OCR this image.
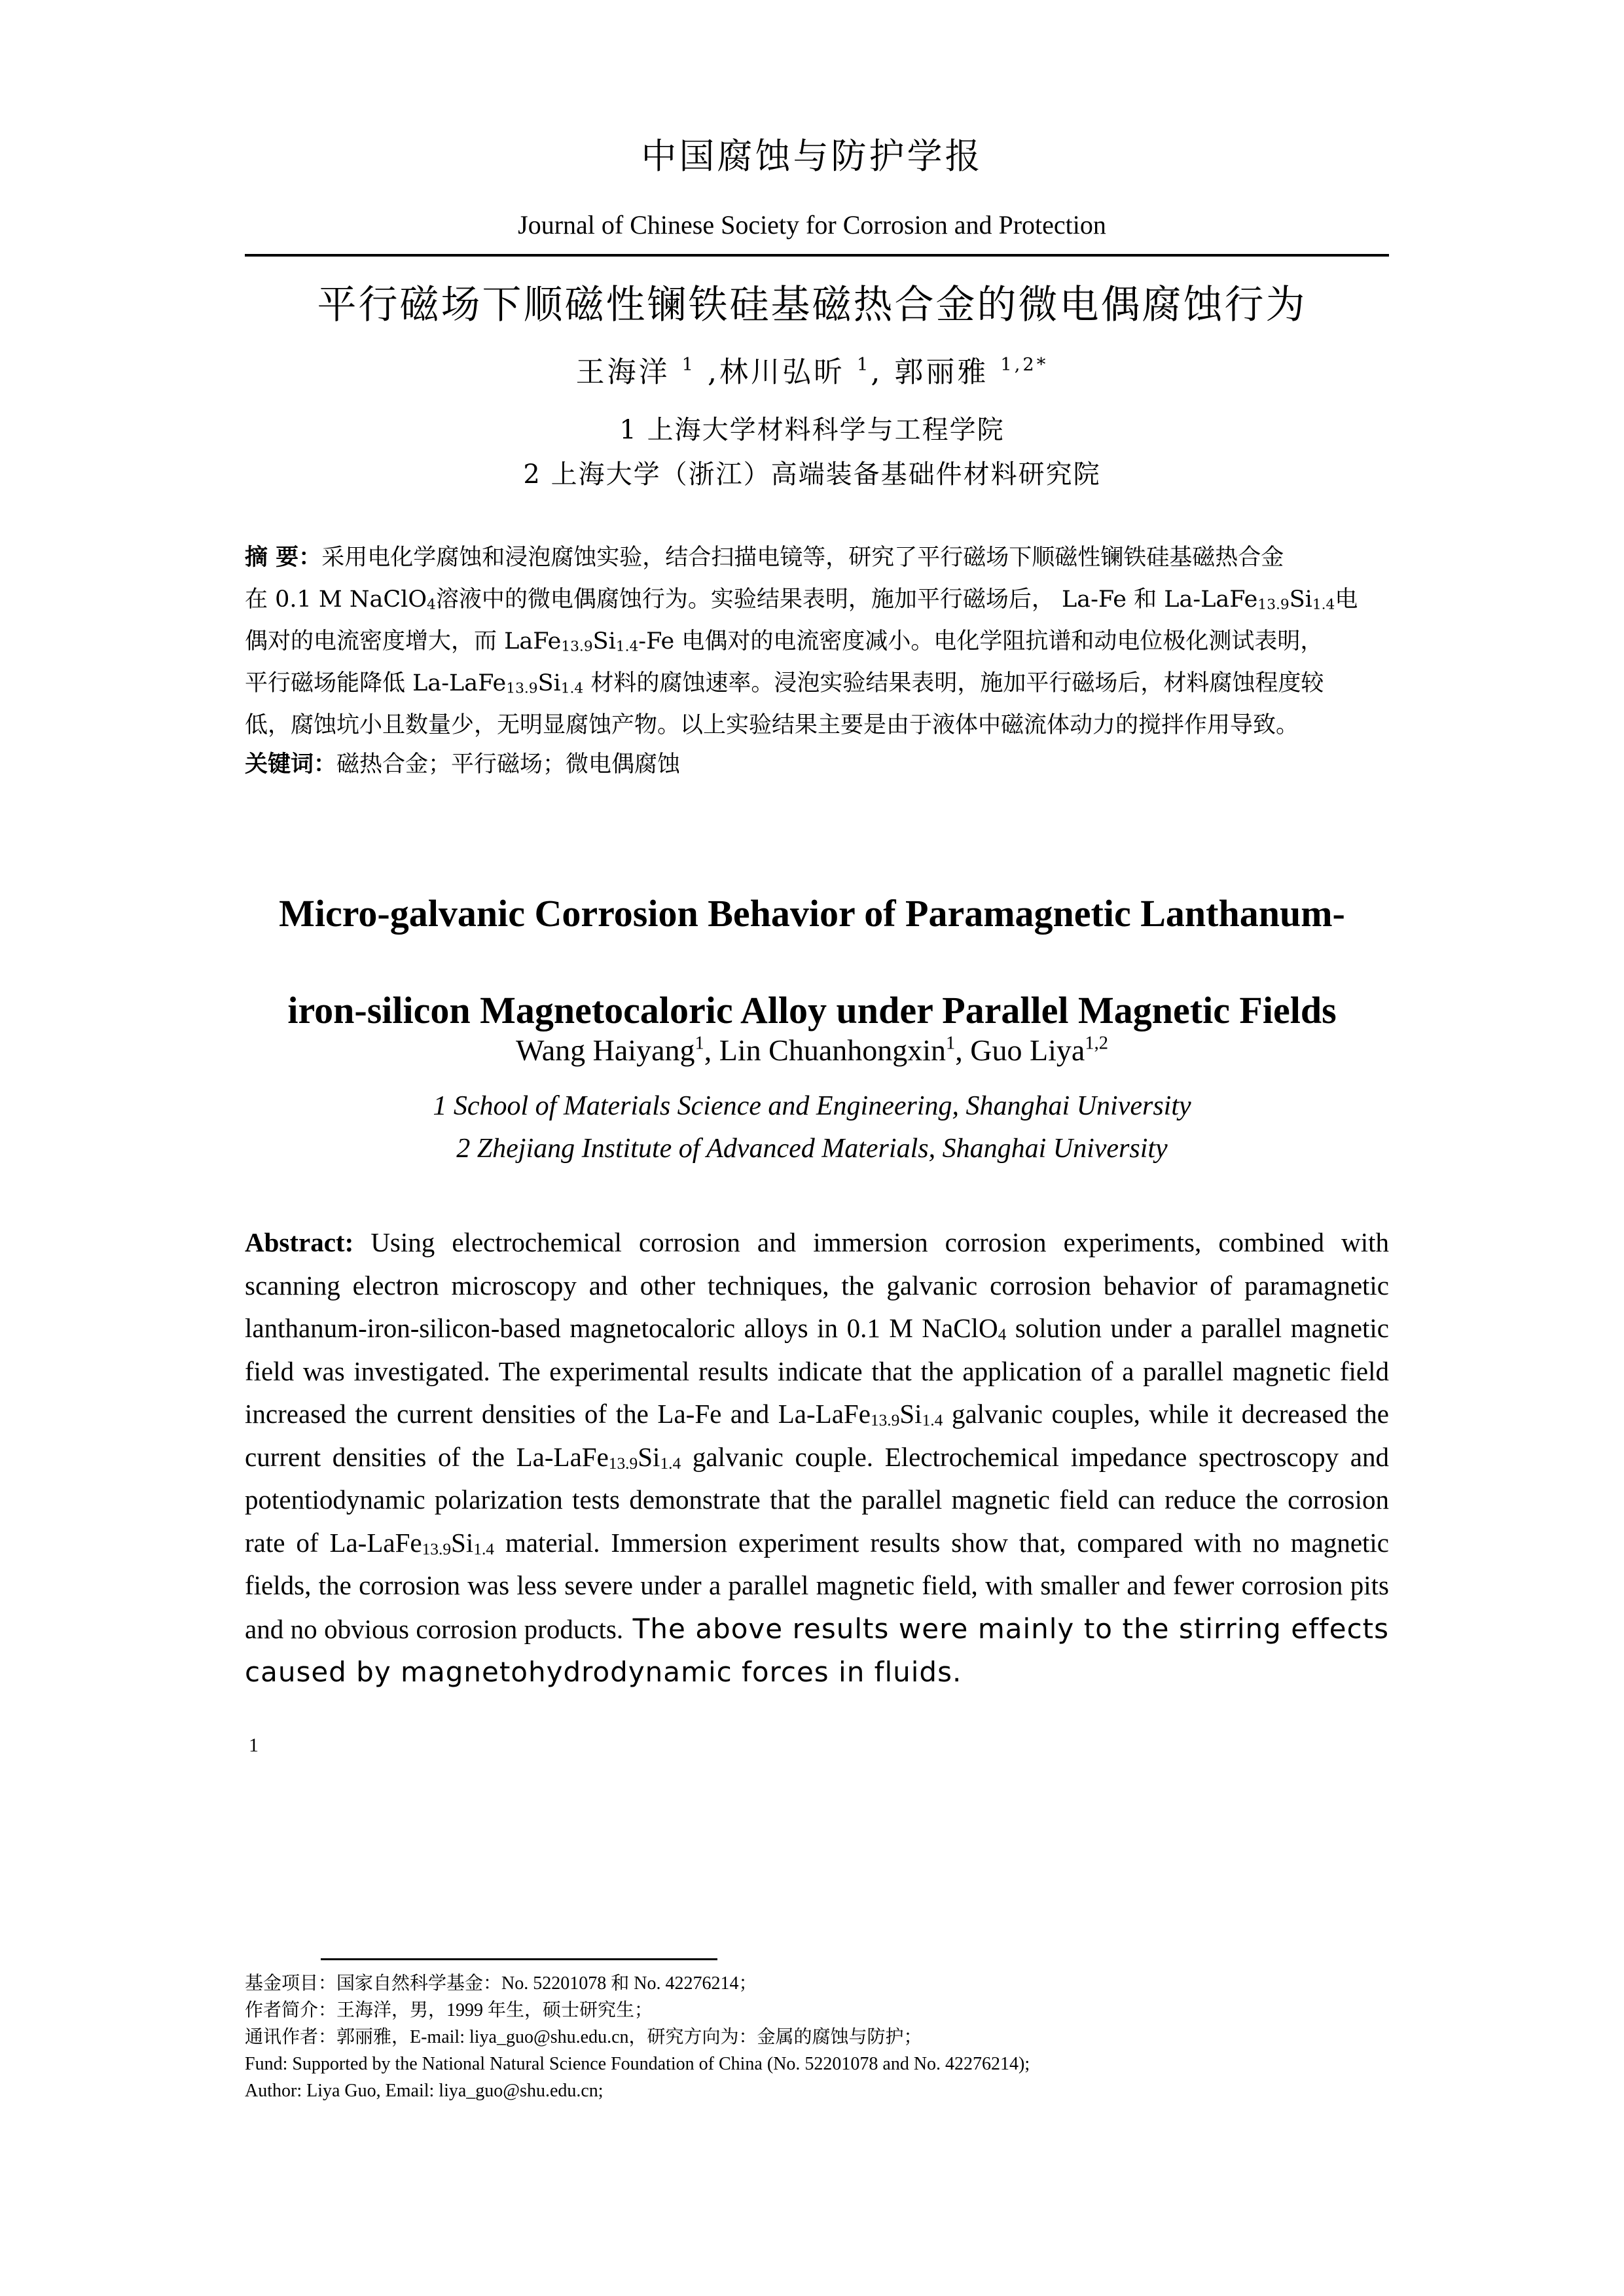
中国腐蚀与防护学报
Journal of Chinese Society for Corrosion and Protection
平行磁场下顺磁性镧铁硅基磁热合金的微电偶腐蚀行为
王海洋 $^1$ ,林川弘昕 $^1$, 郭丽雅 $^{1,2*}$
1 上海大学材料科学与工程学院
2 上海大学（浙江）高端装备基础件材料研究院

摘 要：采用电化学腐蚀和浸泡腐蚀实验，结合扫描电镜等，研究了平行磁场下顺磁性镧铁硅基磁热合金

在 0.1 M NaClO4溶液中的微电偶腐蚀行为。实验结果表明，施加平行磁场后， La-Fe 和 La-LaFe13.9Si1.4电

偶对的电流密度增大，而 LaFe13.9Si1.4-Fe 电偶对的电流密度减小。电化学阻抗谱和动电位极化测试表明，

平行磁场能降低 La-LaFe13.9Si1.4 材料的腐蚀速率。浸泡实验结果表明，施加平行磁场后，材料腐蚀程度较

低，腐蚀坑小且数量少，无明显腐蚀产物。以上实验结果主要是由于液体中磁流体动力的搅拌作用导致。

关键词：磁热合金；平行磁场；微电偶腐蚀
Micro-galvanic Corrosion Behavior of Paramagnetic Lanthanum-
iron-silicon Magnetocaloric Alloy under Parallel Magnetic Fields
Wang Haiyang$^1$, Lin Chuanhongxin$^1$, Guo Liya$^{1,2}$
1 School of Materials Science and Engineering, Shanghai University
2 Zhejiang Institute of Advanced Materials, Shanghai University

Abstract: Using electrochemical corrosion and immersion corrosion experiments, combined with scanning electron microscopy and other techniques, the galvanic corrosion behavior of paramagnetic lanthanum-iron-silicon-based magnetocaloric alloys in 0.1 M NaClO4 solution under a parallel magnetic field was investigated. The experimental results indicate that the application of a parallel magnetic field increased the current densities of the La-Fe and La-LaFe13.9Si1.4 galvanic couples, while it decreased the current densities of the La-LaFe13.9Si1.4 galvanic couple. Electrochemical impedance spectroscopy and potentiodynamic polarization tests demonstrate that the parallel magnetic field can reduce the corrosion rate of La-LaFe13.9Si1.4 material. Immersion experiment results show that, compared with no magnetic fields, the corrosion was less severe under a parallel magnetic field, with smaller and fewer corrosion pits and no obvious corrosion products. The above results were mainly to the stirring effects caused by magnetohydrodynamic forces in fluids.

1
基金项目：国家自然科学基金：No. 52201078 和 No. 42276214；
作者简介：王海洋，男，1999 年生，硕士研究生；
通讯作者：郭丽雅，E-mail: liya_guo@shu.edu.cn，研究方向为：金属的腐蚀与防护；
Fund: Supported by the National Natural Science Foundation of China (No. 52201078 and No. 42276214);
Author: Liya Guo, Email: liya_guo@shu.edu.cn;
